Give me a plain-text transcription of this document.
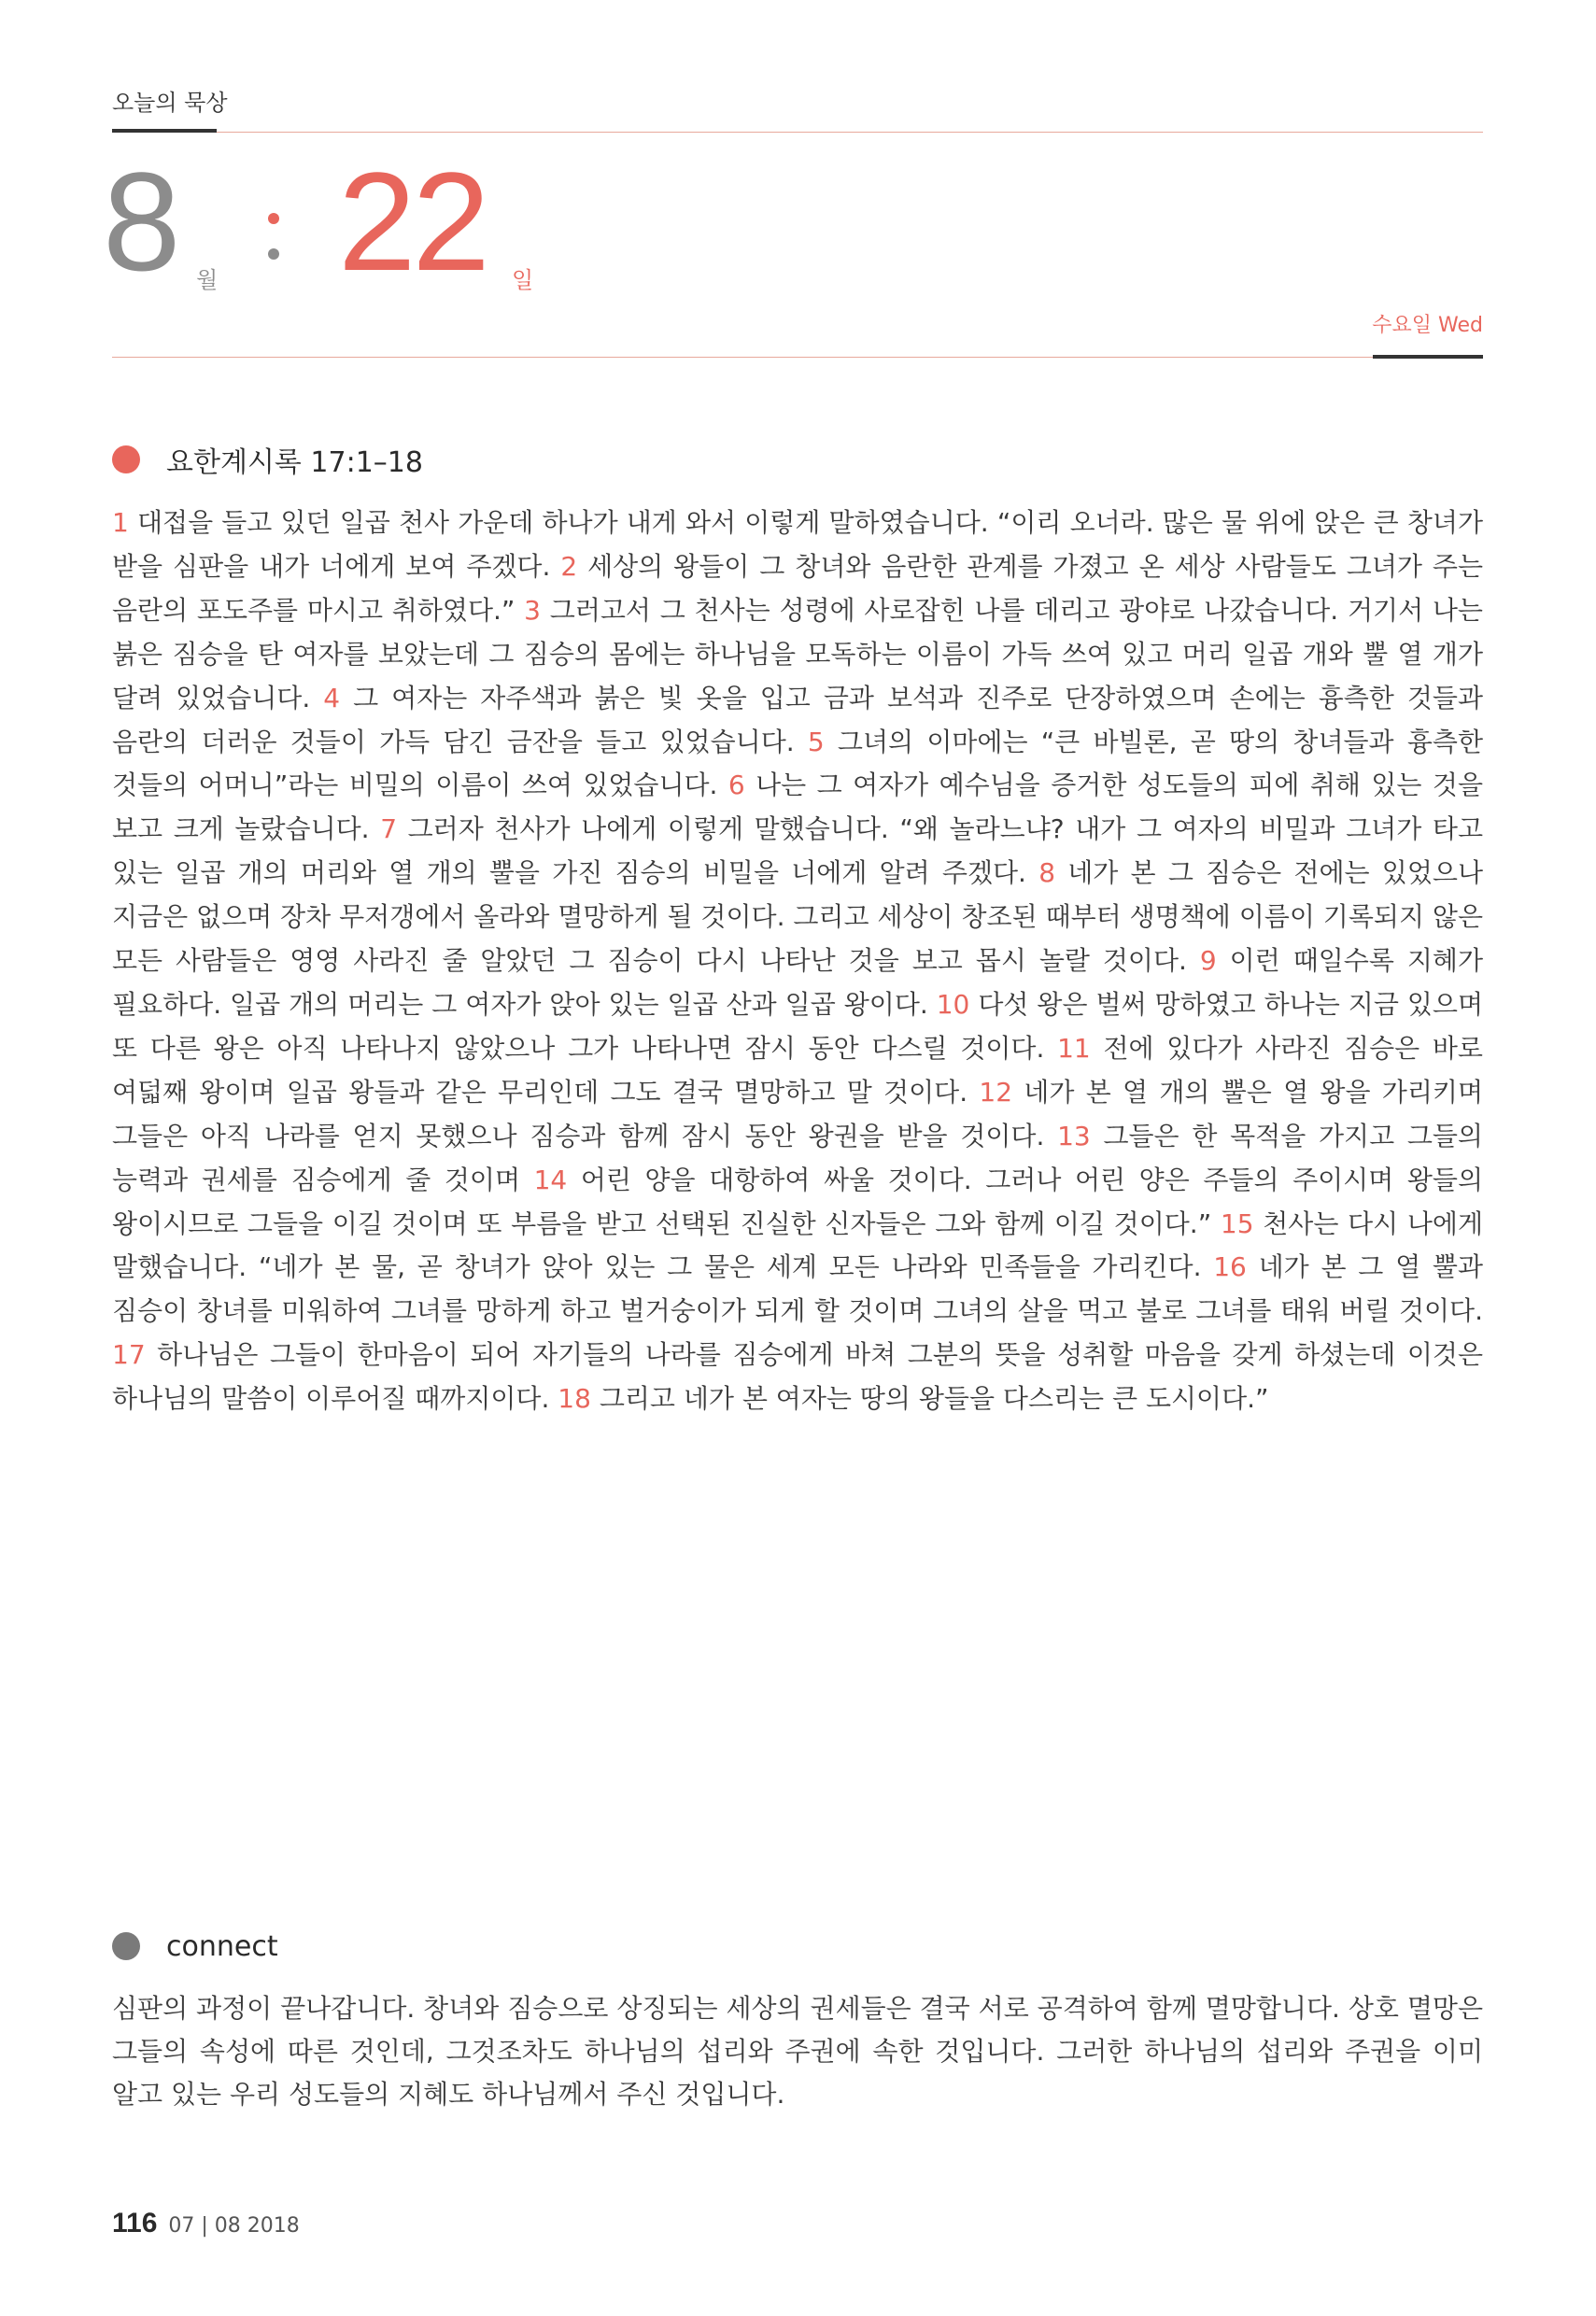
오늘의 묵상
8 월 22 일
수요일 Wed
요한계시록 17:1–18

1 대접을 들고 있던 일곱 천사 가운데 하나가 내게 와서 이렇게 말하였습니다. “이리 오너라. 많은 물 위에 앉은 큰 창녀가 받을 심판을 내가 너에게 보여 주겠다. 2 세상의 왕들이 그 창녀와 음란한 관계를 가졌고 온 세상 사람들도 그녀가 주는 음란의 포도주를 마시고 취하였다.” 3 그러고서 그 천사는 성령에 사로잡힌 나를 데리고 광야로 나갔습니다. 거기서 나는 붉은 짐승을 탄 여자를 보았는데 그 짐승의 몸에는 하나님을 모독하는 이름이 가득 쓰여 있고 머리 일곱 개와 뿔 열 개가 달려 있었습니다. 4 그 여자는 자주색과 붉은 빛 옷을 입고 금과 보석과 진주로 단장하였으며 손에는 흉측한 것들과 음란의 더러운 것들이 가득 담긴 금잔을 들고 있었습니다. 5 그녀의 이마에는 “큰 바빌론, 곧 땅의 창녀들과 흉측한 것들의 어머니”라는 비밀의 이름이 쓰여 있었습니다. 6 나는 그 여자가 예수님을 증거한 성도들의 피에 취해 있는 것을 보고 크게 놀랐습니다. 7 그러자 천사가 나에게 이렇게 말했습니다. “왜 놀라느냐? 내가 그 여자의 비밀과 그녀가 타고 있는 일곱 개의 머리와 열 개의 뿔을 가진 짐승의 비밀을 너에게 알려 주겠다. 8 네가 본 그 짐승은 전에는 있었으나 지금은 없으며 장차 무저갱에서 올라와 멸망하게 될 것이다. 그리고 세상이 창조된 때부터 생명책에 이름이 기록되지 않은 모든 사람들은 영영 사라진 줄 알았던 그 짐승이 다시 나타난 것을 보고 몹시 놀랄 것이다. 9 이런 때일수록 지혜가 필요하다. 일곱 개의 머리는 그 여자가 앉아 있는 일곱 산과 일곱 왕이다. 10 다섯 왕은 벌써 망하였고 하나는 지금 있으며 또 다른 왕은 아직 나타나지 않았으나 그가 나타나면 잠시 동안 다스릴 것이다. 11 전에 있다가 사라진 짐승은 바로 여덟째 왕이며 일곱 왕들과 같은 무리인데 그도 결국 멸망하고 말 것이다. 12 네가 본 열 개의 뿔은 열 왕을 가리키며 그들은 아직 나라를 얻지 못했으나 짐승과 함께 잠시 동안 왕권을 받을 것이다. 13 그들은 한 목적을 가지고 그들의 능력과 권세를 짐승에게 줄 것이며 14 어린 양을 대항하여 싸울 것이다. 그러나 어린 양은 주들의 주이시며 왕들의 왕이시므로 그들을 이길 것이며 또 부름을 받고 선택된 진실한 신자들은 그와 함께 이길 것이다.” 15 천사는 다시 나에게 말했습니다. “네가 본 물, 곧 창녀가 앉아 있는 그 물은 세계 모든 나라와 민족들을 가리킨다. 16 네가 본 그 열 뿔과 짐승이 창녀를 미워하여 그녀를 망하게 하고 벌거숭이가 되게 할 것이며 그녀의 살을 먹고 불로 그녀를 태워 버릴 것이다. 17 하나님은 그들이 한마음이 되어 자기들의 나라를 짐승에게 바쳐 그분의 뜻을 성취할 마음을 갖게 하셨는데 이것은 하나님의 말씀이 이루어질 때까지이다. 18 그리고 네가 본 여자는 땅의 왕들을 다스리는 큰 도시이다.”

connect

심판의 과정이 끝나갑니다. 창녀와 짐승으로 상징되는 세상의 권세들은 결국 서로 공격하여 함께 멸망합니다. 상호 멸망은 그들의 속성에 따른 것인데, 그것조차도 하나님의 섭리와 주권에 속한 것입니다. 그러한 하나님의 섭리와 주권을 이미 알고 있는 우리 성도들의 지혜도 하나님께서 주신 것입니다.

116 07 | 08 2018
